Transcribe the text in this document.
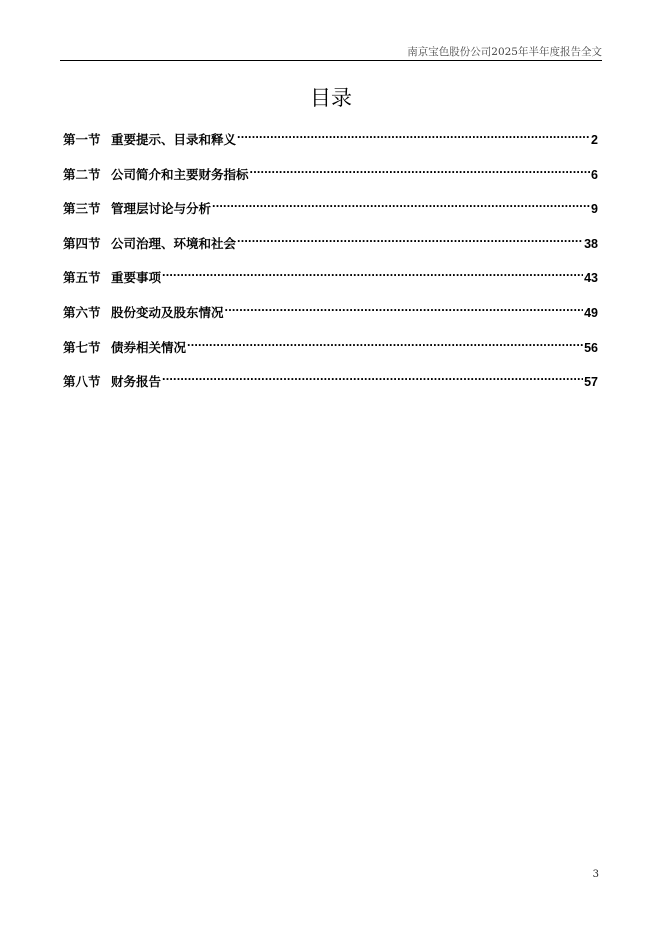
南京宝色股份公司2025年半年度报告全文
目录
第一节 重要提示、目录和释义 .....	2
第二节 公司简介和主要财务指标 .....	6
第三节 管理层讨论与分析 .....	9
第四节 公司治理、环境和社会 .....	38
第五节 重要事项 .....	43
第六节 股份变动及股东情况 .....	49
第七节 债券相关情况 .....	56
第八节 财务报告 .....	57
3
